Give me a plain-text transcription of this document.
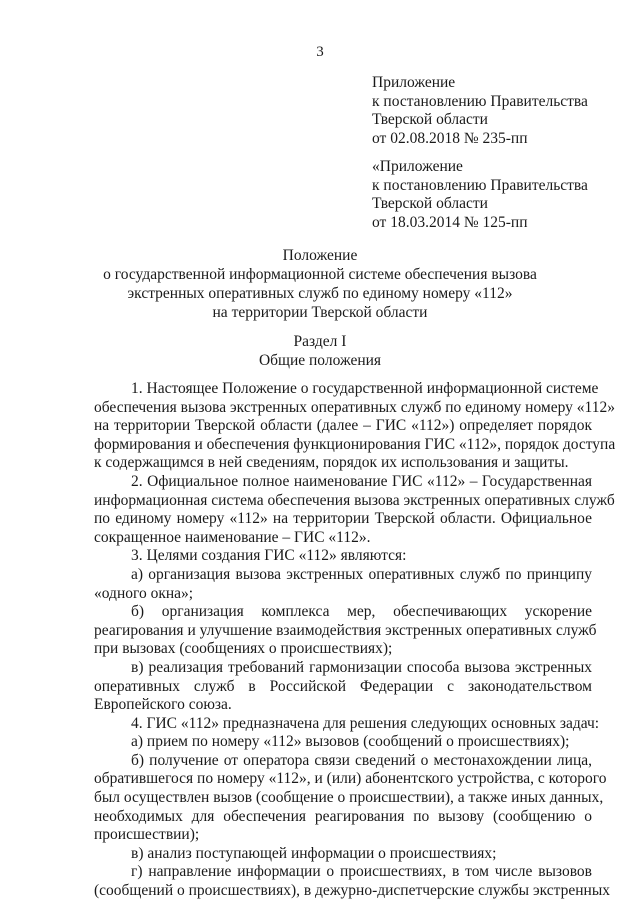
3
Приложение
к постановлению Правительства
Тверской области
от 02.08.2018 № 235-пп
«Приложение
к постановлению Правительства
Тверской области
от 18.03.2014 № 125-пп
Положение
о государственной информационной системе обеспечения вызова
экстренных оперативных служб по единому номеру «112»
на территории Тверской области
Раздел I
Общие положения
1. Настоящее Положение о государственной информационной системе
обеспечения вызова экстренных оперативных служб по единому номеру «112»
на территории Тверской области (далее – ГИС «112») определяет порядок
формирования и обеспечения функционирования ГИС «112», порядок доступа
к содержащимся в ней сведениям, порядок их использования и защиты.
2. Официальное полное наименование ГИС «112» – Государственная
информационная система обеспечения вызова экстренных оперативных служб
по единому номеру «112» на территории Тверской области. Официальное
сокращенное наименование – ГИС «112».
3. Целями создания ГИС «112» являются:
а) организация вызова экстренных оперативных служб по принципу
«одного окна»;
б) организация комплекса мер, обеспечивающих ускорение
реагирования и улучшение взаимодействия экстренных оперативных служб
при вызовах (сообщениях о происшествиях);
в) реализация требований гармонизации способа вызова экстренных
оперативных служб в Российской Федерации с законодательством
Европейского союза.
4. ГИС «112» предназначена для решения следующих основных задач:
а) прием по номеру «112» вызовов (сообщений о происшествиях);
б) получение от оператора связи сведений о местонахождении лица,
обратившегося по номеру «112», и (или) абонентского устройства, с которого
был осуществлен вызов (сообщение о происшествии), а также иных данных,
необходимых для обеспечения реагирования по вызову (сообщению о
происшествии);
в) анализ поступающей информации о происшествиях;
г) направление информации о происшествиях, в том числе вызовов
(сообщений о происшествиях), в дежурно-диспетчерские службы экстренных
